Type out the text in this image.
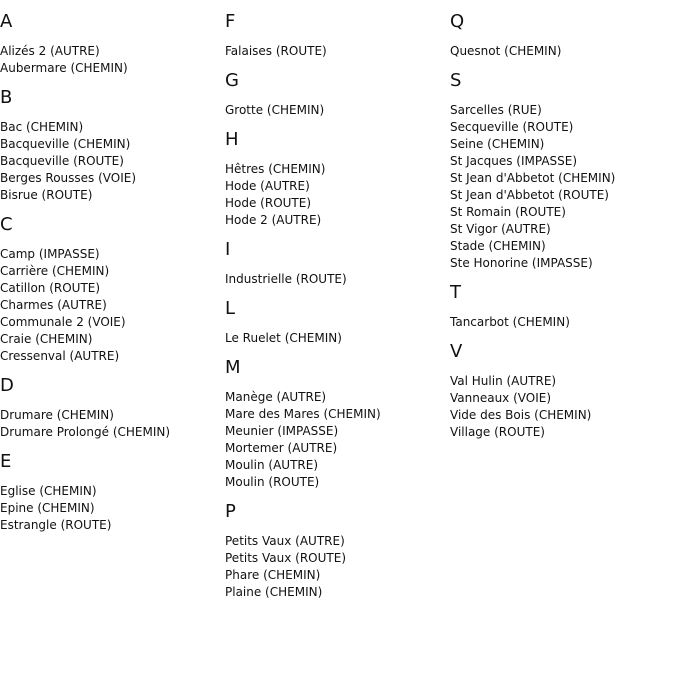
A
Alizés 2 (AUTRE)
Aubermare (CHEMIN)
B
Bac (CHEMIN)
Bacqueville (CHEMIN)
Bacqueville (ROUTE)
Berges Rousses (VOIE)
Bisrue (ROUTE)
C
Camp (IMPASSE)
Carrière (CHEMIN)
Catillon (ROUTE)
Charmes (AUTRE)
Communale 2 (VOIE)
Craie (CHEMIN)
Cressenval (AUTRE)
D
Drumare (CHEMIN)
Drumare Prolongé (CHEMIN)
E
Eglise (CHEMIN)
Epine (CHEMIN)
Estrangle (ROUTE)
F
Falaises (ROUTE)
G
Grotte (CHEMIN)
H
Hêtres (CHEMIN)
Hode (AUTRE)
Hode (ROUTE)
Hode 2 (AUTRE)
I
Industrielle (ROUTE)
L
Le Ruelet (CHEMIN)
M
Manège (AUTRE)
Mare des Mares (CHEMIN)
Meunier (IMPASSE)
Mortemer (AUTRE)
Moulin (AUTRE)
Moulin (ROUTE)
P
Petits Vaux (AUTRE)
Petits Vaux (ROUTE)
Phare (CHEMIN)
Plaine (CHEMIN)
Q
Quesnot (CHEMIN)
S
Sarcelles (RUE)
Secqueville (ROUTE)
Seine (CHEMIN)
St Jacques (IMPASSE)
St Jean d'Abbetot (CHEMIN)
St Jean d'Abbetot (ROUTE)
St Romain (ROUTE)
St Vigor (AUTRE)
Stade (CHEMIN)
Ste Honorine (IMPASSE)
T
Tancarbot (CHEMIN)
V
Val Hulin (AUTRE)
Vanneaux (VOIE)
Vide des Bois (CHEMIN)
Village (ROUTE)
